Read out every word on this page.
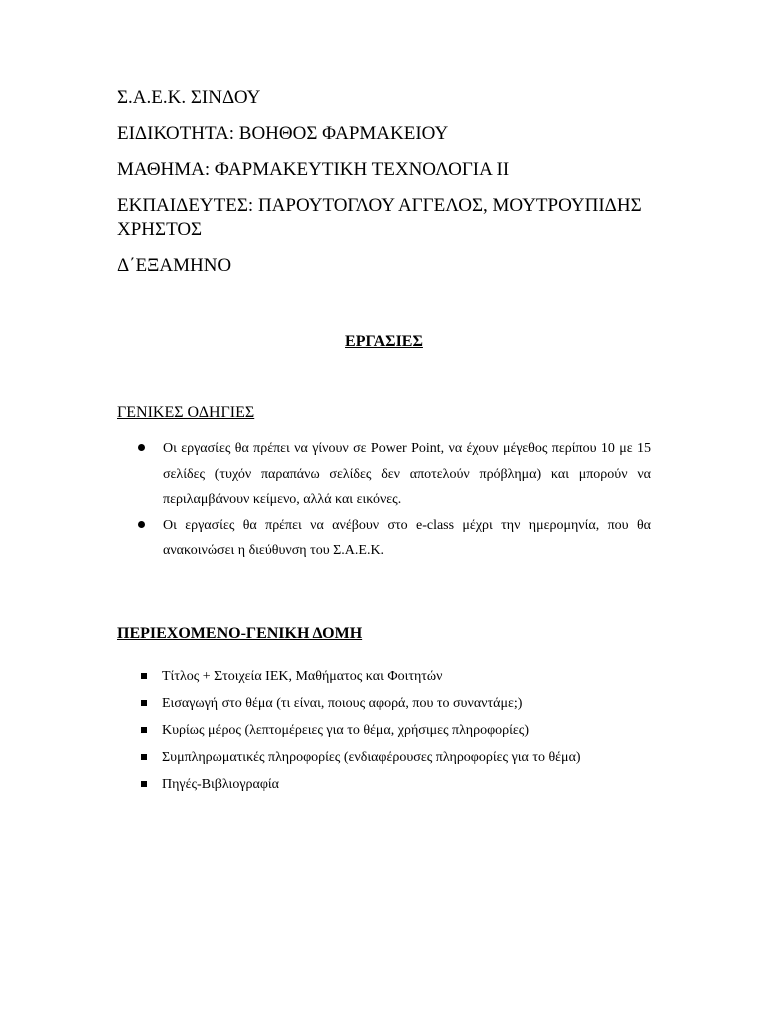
Σ.Α.Ε.Κ. ΣΙΝΔΟΥ
ΕΙΔΙΚΟΤΗΤΑ: ΒΟΗΘΟΣ ΦΑΡΜΑΚΕΙΟΥ
ΜΑΘΗΜΑ: ΦΑΡΜΑΚΕΥΤΙΚΗ ΤΕΧΝΟΛΟΓΙΑ ΙΙ
ΕΚΠΑΙΔΕΥΤΕΣ: ΠΑΡΟΥΤΟΓΛΟΥ ΑΓΓΕΛΟΣ, ΜΟΥΤΡΟΥΠΙΔΗΣ ΧΡΗΣΤΟΣ
Δ΄ΕΞΑΜΗΝΟ
ΕΡΓΑΣΙΕΣ
ΓΕΝΙΚΕΣ ΟΔΗΓΙΕΣ
Οι εργασίες θα πρέπει να γίνουν σε Power Point, να έχουν μέγεθος περίπου 10 με 15 σελίδες (τυχόν παραπάνω σελίδες δεν αποτελούν πρόβλημα) και μπορούν να περιλαμβάνουν κείμενο, αλλά και εικόνες.
Οι εργασίες θα πρέπει να ανέβουν στο e-class μέχρι την ημερομηνία, που θα ανακοινώσει η διεύθυνση του Σ.Α.Ε.Κ.
ΠΕΡΙΕΧΟΜΕΝΟ-ΓΕΝΙΚΗ ΔΟΜΗ
Τίτλος + Στοιχεία ΙΕΚ, Μαθήματος και Φοιτητών
Εισαγωγή στο θέμα (τι είναι, ποιους αφορά, που το συναντάμε;)
Κυρίως μέρος (λεπτομέρειες για το θέμα, χρήσιμες πληροφορίες)
Συμπληρωματικές πληροφορίες (ενδιαφέρουσες πληροφορίες για το θέμα)
Πηγές-Βιβλιογραφία
